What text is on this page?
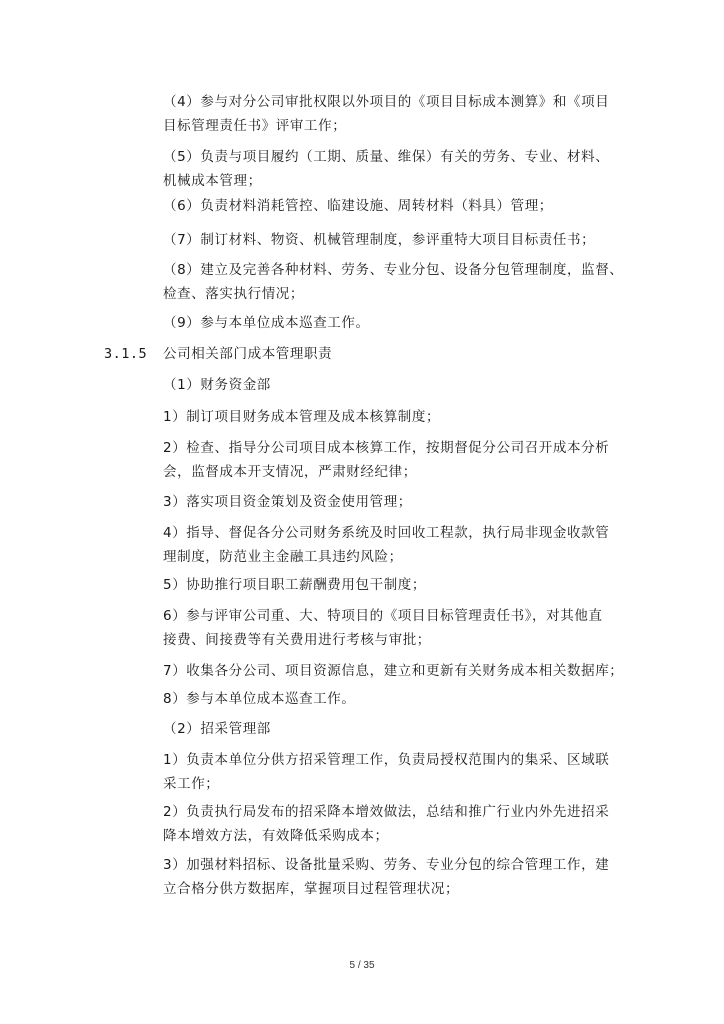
（4）参与对分公司审批权限以外项目的《项目目标成本测算》和《项目
目标管理责任书》评审工作；
（5）负责与项目履约（工期、质量、维保）有关的劳务、专业、材料、
机械成本管理；
（6）负责材料消耗管控、临建设施、周转材料（料具）管理；
（7）制订材料、物资、机械管理制度，参评重特大项目目标责任书；
（8）建立及完善各种材料、劳务、专业分包、设备分包管理制度，监督、
检查、落实执行情况；
（9）参与本单位成本巡查工作。
3.1.5 公司相关部门成本管理职责
（1）财务资金部
1）制订项目财务成本管理及成本核算制度；
2）检查、指导分公司项目成本核算工作，按期督促分公司召开成本分析
会，监督成本开支情况，严肃财经纪律；
3）落实项目资金策划及资金使用管理；
4）指导、督促各分公司财务系统及时回收工程款，执行局非现金收款管
理制度，防范业主金融工具违约风险；
5）协助推行项目职工薪酬费用包干制度；
6）参与评审公司重、大、特项目的《项目目标管理责任书》，对其他直
接费、间接费等有关费用进行考核与审批；
7）收集各分公司、项目资源信息，建立和更新有关财务成本相关数据库；
8）参与本单位成本巡查工作。
（2）招采管理部
1）负责本单位分供方招采管理工作，负责局授权范围内的集采、区域联
采工作；
2）负责执行局发布的招采降本增效做法，总结和推广行业内外先进招采
降本增效方法，有效降低采购成本；
3）加强材料招标、设备批量采购、劳务、专业分包的综合管理工作，建
立合格分供方数据库，掌握项目过程管理状况；
5 / 35
